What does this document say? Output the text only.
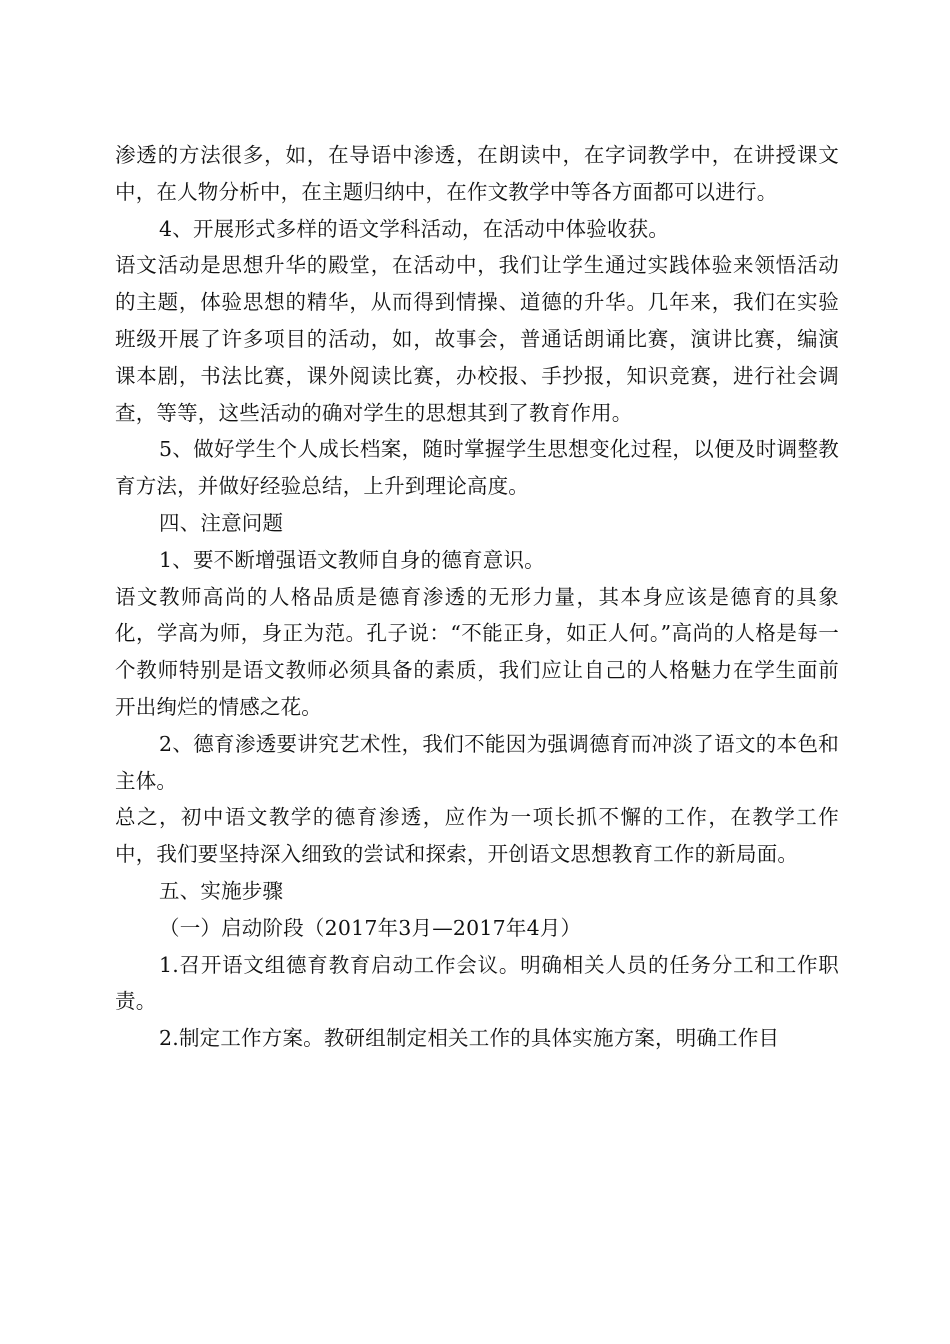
渗透的方法很多，如，在导语中渗透，在朗读中，在字词教学中，在讲授课文中，在人物分析中，在主题归纳中，在作文教学中等各方面都可以进行。

4、开展形式多样的语文学科活动，在活动中体验收获。

语文活动是思想升华的殿堂，在活动中，我们让学生通过实践体验来领悟活动的主题，体验思想的精华，从而得到情操、道德的升华。几年来，我们在实验班级开展了许多项目的活动，如，故事会，普通话朗诵比赛，演讲比赛，编演课本剧，书法比赛，课外阅读比赛，办校报、手抄报，知识竞赛，进行社会调查，等等，这些活动的确对学生的思想其到了教育作用。

5、做好学生个人成长档案，随时掌握学生思想变化过程，以便及时调整教育方法，并做好经验总结，上升到理论高度。

四、注意问题

1、要不断增强语文教师自身的德育意识。

语文教师高尚的人格品质是德育渗透的无形力量，其本身应该是德育的具象化，学高为师，身正为范。孔子说：“不能正身，如正人何。”高尚的人格是每一个教师特别是语文教师必须具备的素质，我们应让自己的人格魅力在学生面前开出绚烂的情感之花。

2、德育渗透要讲究艺术性，我们不能因为强调德育而冲淡了语文的本色和主体。

总之，初中语文教学的德育渗透，应作为一项长抓不懈的工作，在教学工作中，我们要坚持深入细致的尝试和探索，开创语文思想教育工作的新局面。

五、实施步骤

（一）启动阶段（2017年3月—2017年4月）

1.召开语文组德育教育启动工作会议。明确相关人员的任务分工和工作职责。

2.制定工作方案。教研组制定相关工作的具体实施方案，明确工作目
